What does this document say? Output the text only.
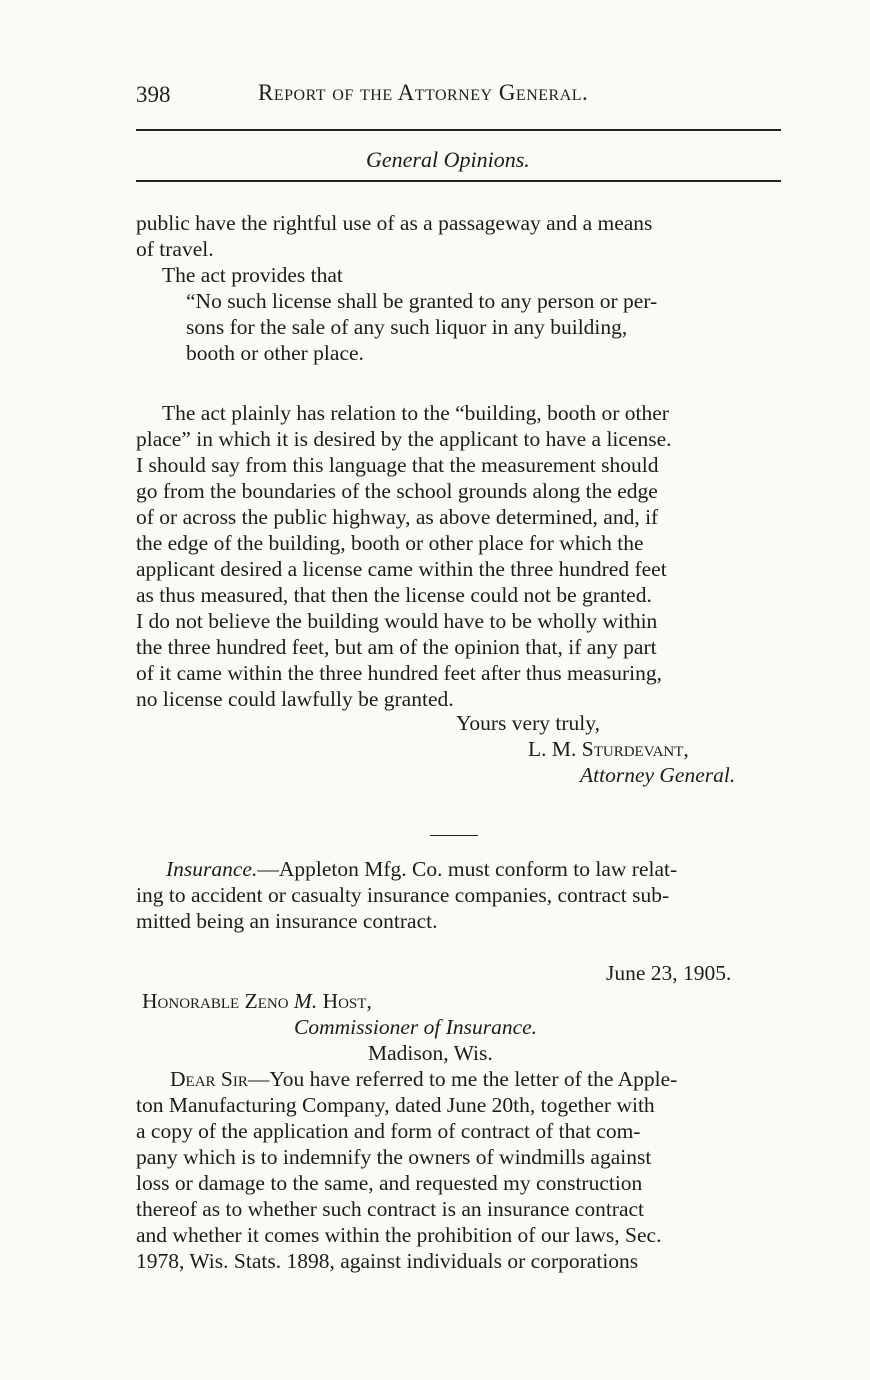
398	Report of the Attorney General.
General Opinions.
public have the rightful use of as a passageway and a means
of travel.
The act provides that
“No such license shall be granted to any person or per-
sons for the sale of any such liquor in any building,
booth or other place.
The act plainly has relation to the “building, booth or other
place” in which it is desired by the applicant to have a license.
I should say from this language that the measurement should
go from the boundaries of the school grounds along the edge
of or across the public highway, as above determined, and, if
the edge of the building, booth or other place for which the
applicant desired a license came within the three hundred feet
as thus measured, that then the license could not be granted.
I do not believe the building would have to be wholly within
the three hundred feet, but am of the opinion that, if any part
of it came within the three hundred feet after thus measuring,
no license could lawfully be granted.
Yours very truly,
L. M. Sturdevant,
Attorney General.
Insurance.—Appleton Mfg. Co. must conform to law relat-
ing to accident or casualty insurance companies, contract sub-
mitted being an insurance contract.
June 23, 1905.
Honorable Zeno M. Host,
Commissioner of Insurance.
Madison, Wis.
Dear Sir—You have referred to me the letter of the Apple-
ton Manufacturing Company, dated June 20th, together with
a copy of the application and form of contract of that com-
pany which is to indemnify the owners of windmills against
loss or damage to the same, and requested my construction
thereof as to whether such contract is an insurance contract
and whether it comes within the prohibition of our laws, Sec.
1978, Wis. Stats. 1898, against individuals or corporations
